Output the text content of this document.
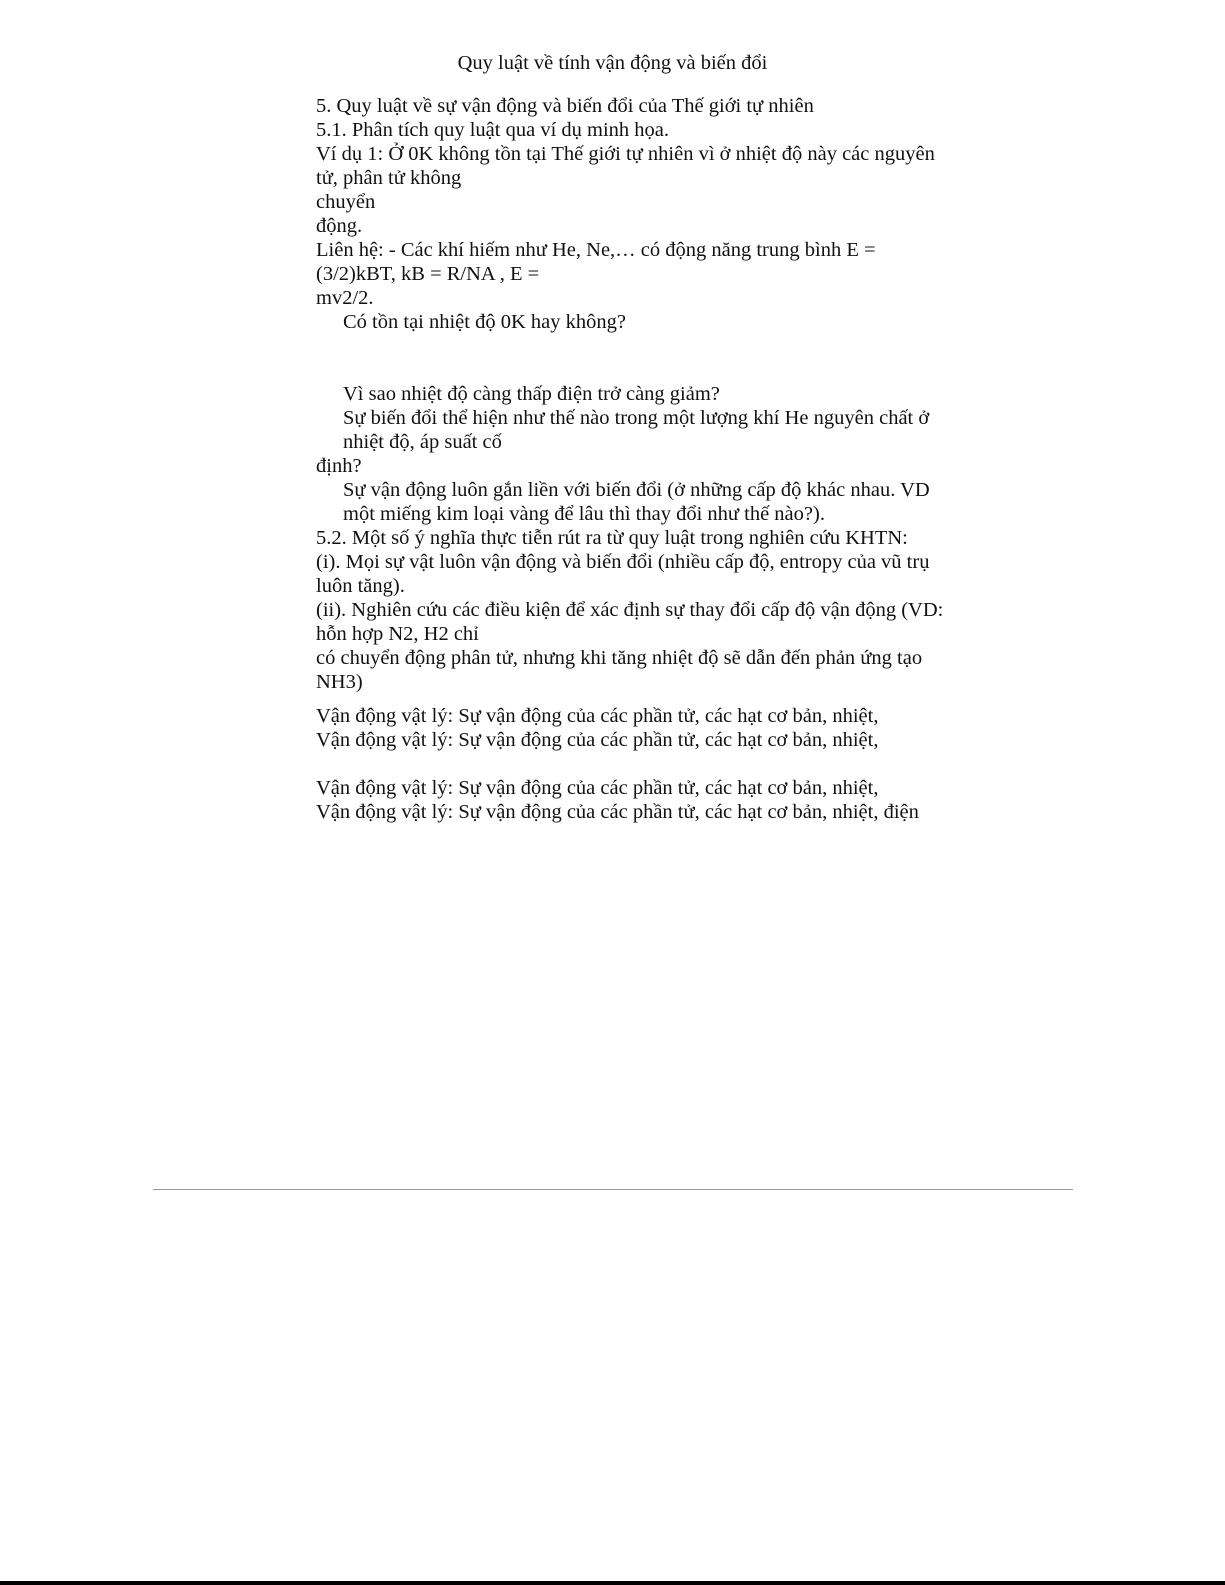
Quy luật về tính vận động và biến đổi
5. Quy luật về sự vận động và biến đổi của Thế giới tự nhiên
5.1. Phân tích quy luật qua ví dụ minh họa.
Ví dụ 1: Ở 0K không tồn tại Thế giới tự nhiên vì ở nhiệt độ này các nguyên
tử, phân tử không
chuyển
động.
Liên hệ: - Các khí hiếm như He, Ne,… có động năng trung bình E =
(3/2)kBT, kB = R/NA , E =
mv2/2.
Có tồn tại nhiệt độ 0K hay không?
Vì sao nhiệt độ càng thấp điện trở càng giảm?
Sự biến đổi thể hiện như thế nào trong một lượng khí He nguyên chất ở
nhiệt độ, áp suất cố
định?
Sự vận động luôn gắn liền với biến đổi (ở những cấp độ khác nhau. VD
một miếng kim loại vàng để lâu thì thay đổi như thế nào?).
5.2. Một số ý nghĩa thực tiễn rút ra từ quy luật trong nghiên cứu KHTN:
(i). Mọi sự vật luôn vận động và biến đổi (nhiều cấp độ, entropy của vũ trụ
luôn tăng).
(ii). Nghiên cứu các điều kiện để xác định sự thay đổi cấp độ vận động (VD:
hỗn hợp N2, H2 chỉ
có chuyển động phân tử, nhưng khi tăng nhiệt độ sẽ dẫn đến phản ứng tạo
NH3)
Vận động vật lý: Sự vận động của các phần tử, các hạt cơ bản, nhiệt,
Vận động vật lý: Sự vận động của các phần tử, các hạt cơ bản, nhiệt,
Vận động vật lý: Sự vận động của các phần tử, các hạt cơ bản, nhiệt,
Vận động vật lý: Sự vận động của các phần tử, các hạt cơ bản, nhiệt, điện
